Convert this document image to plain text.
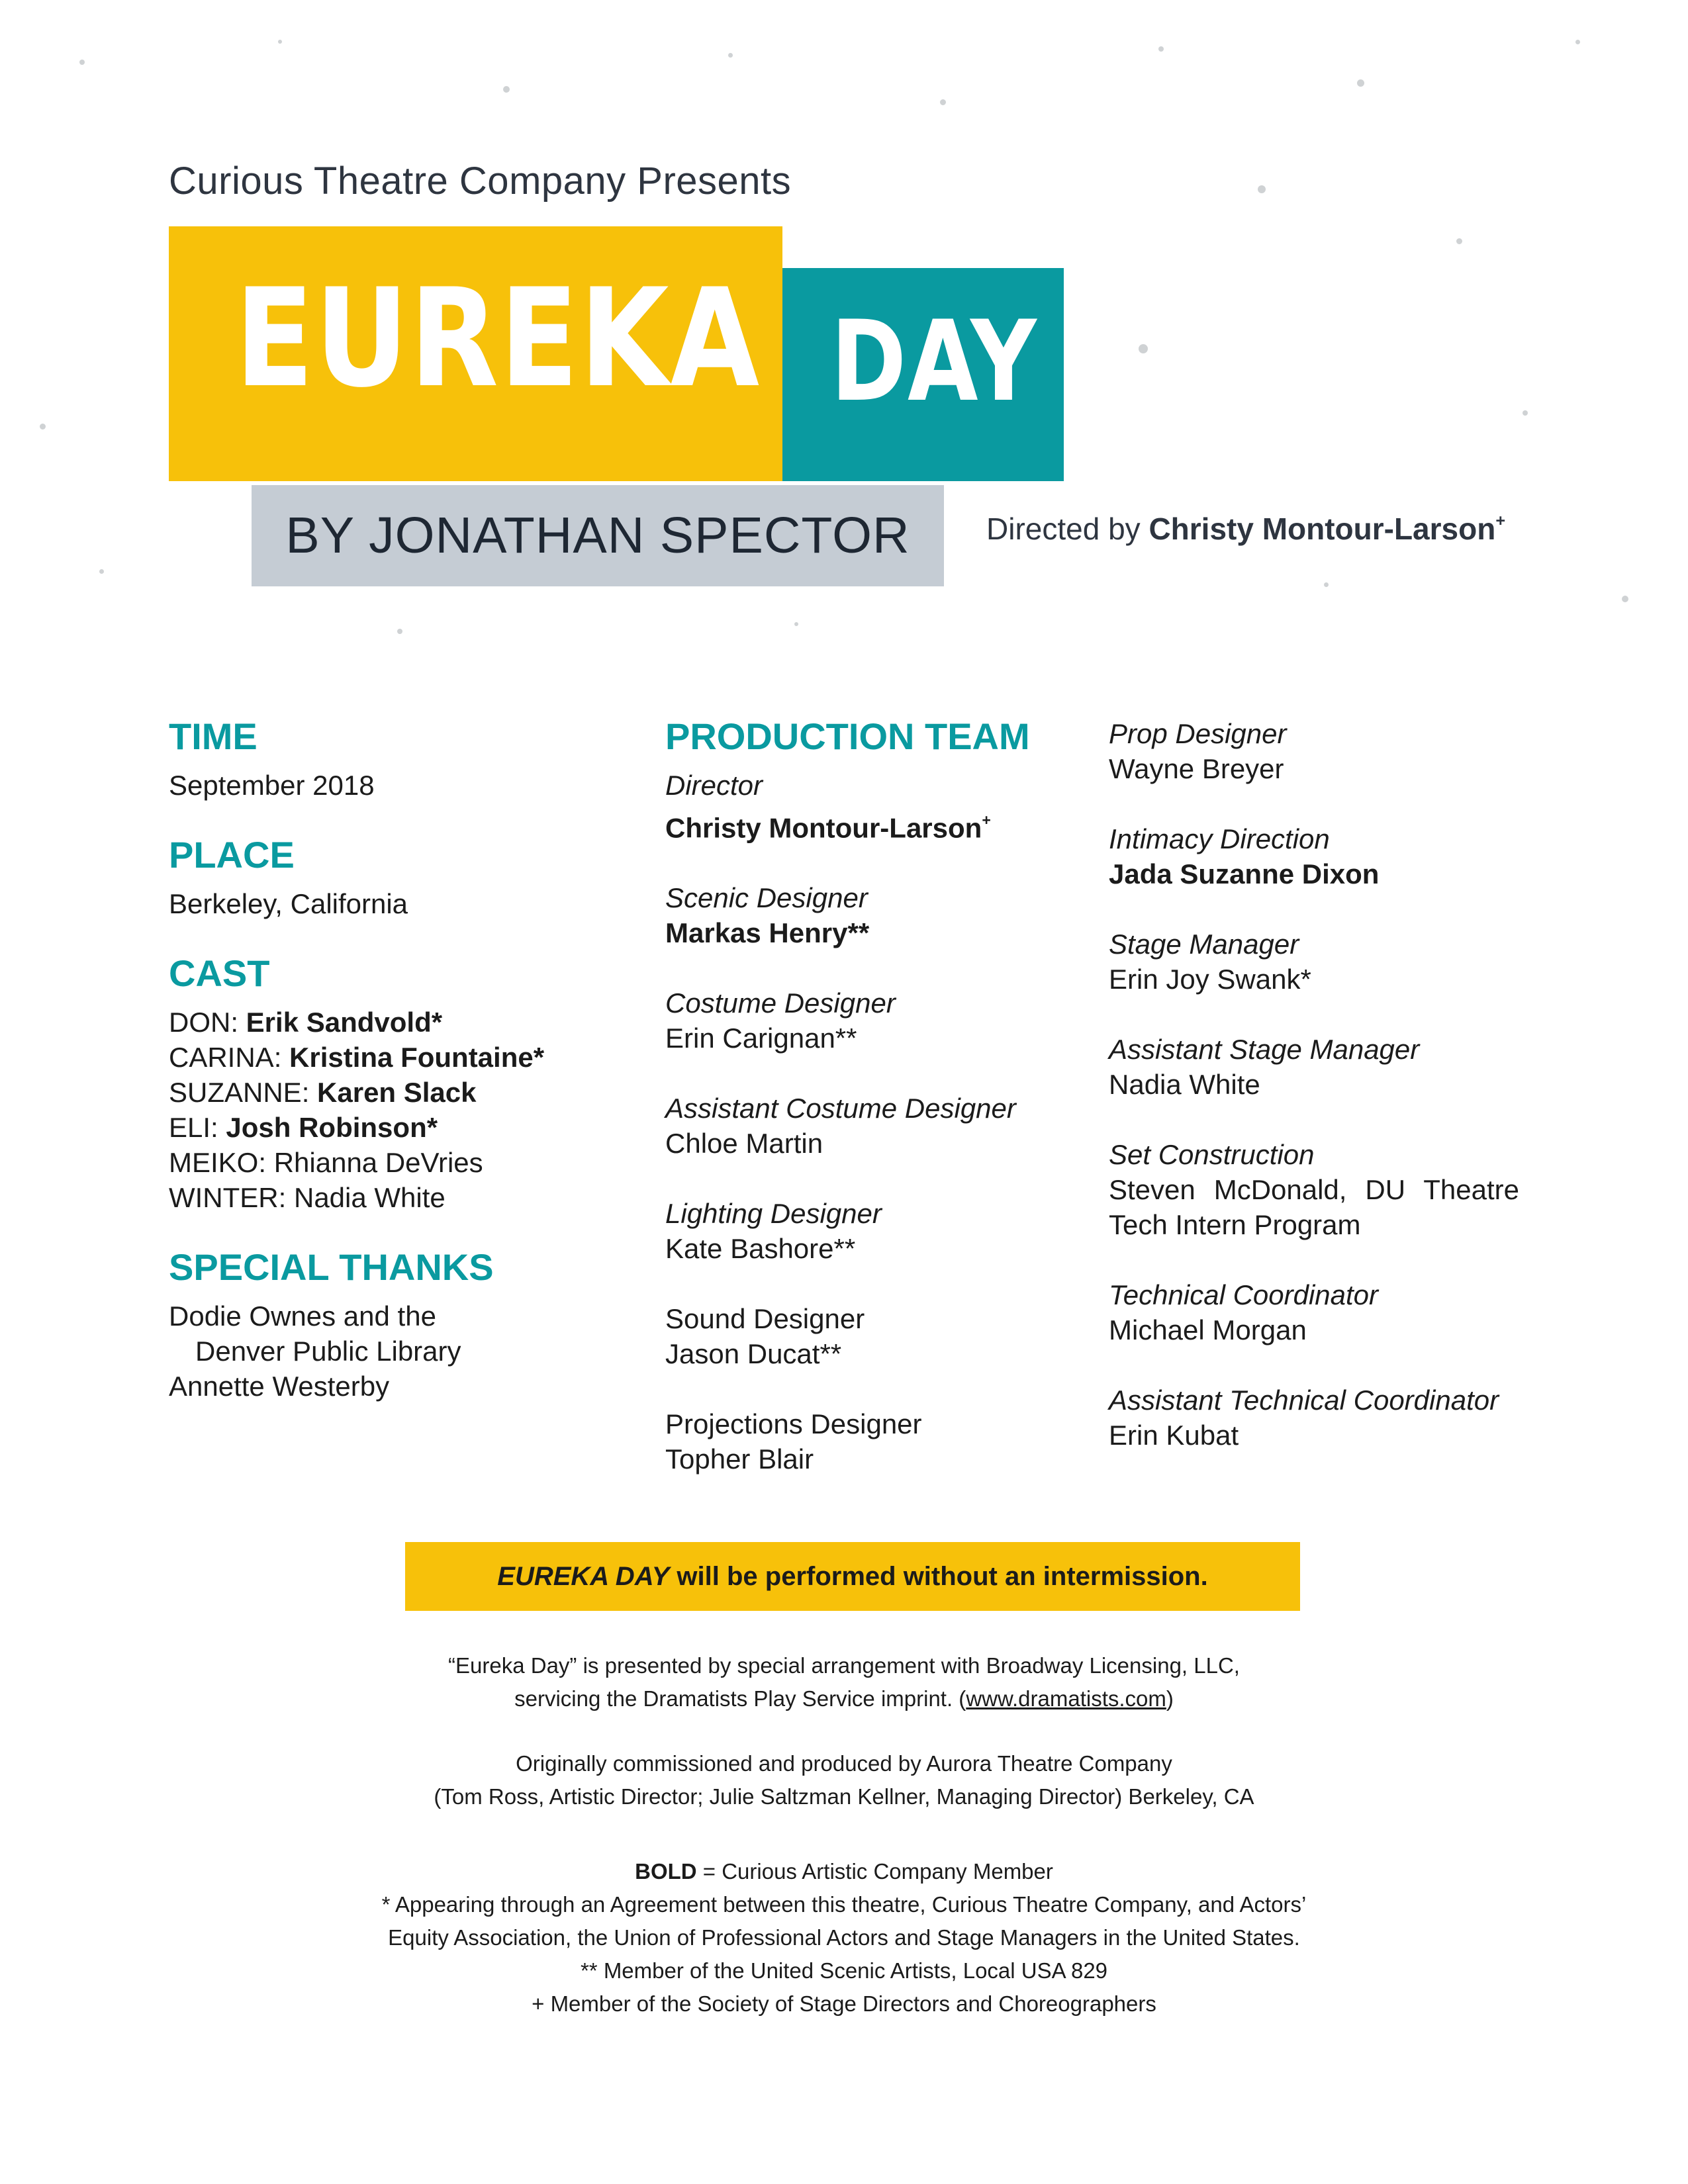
Curious Theatre Company Presents
EUREKA DAY
BY JONATHAN SPECTOR	Directed by Christy Montour-Larson+
TIME
September 2018
PLACE
Berkeley, California
CAST
DON: Erik Sandvold*
CARINA: Kristina Fountaine*
SUZANNE: Karen Slack
ELI: Josh Robinson*
MEIKO: Rhianna DeVries
WINTER: Nadia White
SPECIAL THANKS
Dodie Ownes and the
Denver Public Library
Annette Westerby
PRODUCTION TEAM
Director
Christy Montour-Larson+
Scenic Designer
Markas Henry**
Costume Designer
Erin Carignan**
Assistant Costume Designer
Chloe Martin
Lighting Designer
Kate Bashore**
Sound Designer
Jason Ducat**
Projections Designer
Topher Blair
Prop Designer
Wayne Breyer
Intimacy Direction
Jada Suzanne Dixon
Stage Manager
Erin Joy Swank*
Assistant Stage Manager
Nadia White
Set Construction
Steven McDonald, DU Theatre
Tech Intern Program
Technical Coordinator
Michael Morgan
Assistant Technical Coordinator
Erin Kubat
EUREKA DAY will be performed without an intermission.
“Eureka Day” is presented by special arrangement with Broadway Licensing, LLC,
servicing the Dramatists Play Service imprint. (www.dramatists.com)
Originally commissioned and produced by Aurora Theatre Company
(Tom Ross, Artistic Director; Julie Saltzman Kellner, Managing Director) Berkeley, CA
BOLD = Curious Artistic Company Member
* Appearing through an Agreement between this theatre, Curious Theatre Company, and Actors’
Equity Association, the Union of Professional Actors and Stage Managers in the United States.
** Member of the United Scenic Artists, Local USA 829
+ Member of the Society of Stage Directors and Choreographers
